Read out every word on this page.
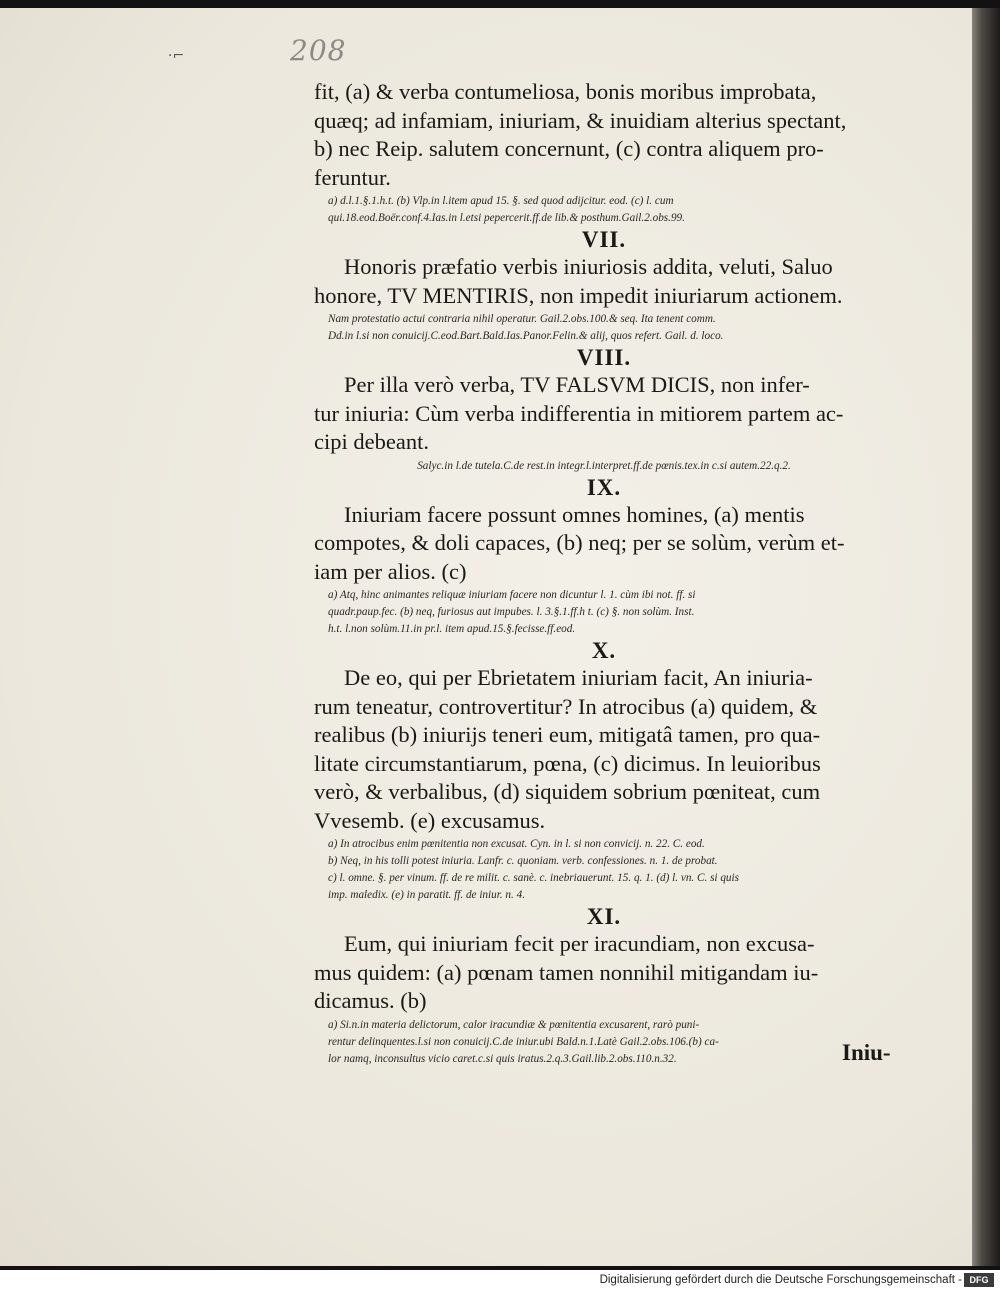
·⌐	208

fit, (a) & verba contumeliosa, bonis moribus improbata,

quæq; ad infamiam, iniuriam, & inuidiam alterius spectant,

b) nec Reip. salutem concernunt, (c) contra aliquem pro-

feruntur.

a) d.l.1.§.1.h.t. (b) Vlp.in l.item apud 15. §. sed quod adijcitur. eod. (c) l. cum

qui.18.eod.Boër.conf.4.Ias.in l.etsi pepercerit.ff.de lib.& posthum.Gail.2.obs.99.

VII.

Honoris præfatio verbis iniuriosis addita, veluti, Saluo

honore, TV MENTIRIS, non impedit iniuriarum actionem.

Nam protestatio actui contraria nihil operatur. Gail.2.obs.100.& seq. Ita tenent comm.

Dd.in l.si non conuicij.C.eod.Bart.Bald.Ias.Panor.Felin.& alij, quos refert. Gail. d. loco.

VIII.

Per illa verò verba, TV FALSVM DICIS, non infer-

tur iniuria: Cùm verba indifferentia in mitiorem partem ac-

cipi debeant.

Salyc.in l.de tutela.C.de rest.in integr.l.interpret.ff.de pœnis.tex.in c.si autem.22.q.2.

IX.

Iniuriam facere possunt omnes homines, (a) mentis

compotes, & doli capaces, (b) neq; per se solùm, verùm et-

iam per alios. (c)

a) Atq, hinc animantes reliquæ iniuriam facere non dicuntur l. 1. cùm ibi not. ff. si

quadr.paup.fec. (b) neq, furiosus aut impubes. l. 3.§.1.ff.h t. (c) §. non solùm. Inst.

h.t. l.non solùm.11.in pr.l. item apud.15.§.fecisse.ff.eod.

X.

De eo, qui per Ebrietatem iniuriam facit, An iniuria-

rum teneatur, controvertitur? In atrocibus (a) quidem, &

realibus (b) iniurijs teneri eum, mitigatâ tamen, pro qua-

litate circumstantiarum, pœna, (c) dicimus. In leuioribus

verò, & verbalibus, (d) siquidem sobrium pœniteat, cum

Vvesemb. (e) excusamus.

a) In atrocibus enim pœnitentia non excusat. Cyn. in l. si non convicij. n. 22. C. eod.

b) Neq, in his tolli potest iniuria. Lanfr. c. quoniam. verb. confessiones. n. 1. de probat.

c) l. omne. §. per vinum. ff. de re milit. c. sanè. c. inebriauerunt. 15. q. 1. (d) l. vn. C. si quis

imp. maledix. (e) in paratit. ff. de iniur. n. 4.

XI.

Eum, qui iniuriam fecit per iracundiam, non excusa-

mus quidem: (a) pœnam tamen nonnihil mitigandam iu-

dicamus. (b)

a) Si.n.in materia delictorum, calor iracundiæ & pœnitentia excusarent, rarò puni-

rentur delinquentes.l.si non conuicij.C.de iniur.ubi Bald.n.1.Latè Gail.2.obs.106.(b) ca-

lor namq, inconsultus vicio caret.c.si quis iratus.2.q.3.Gail.lib.2.obs.110.n.32.	Iniu-
Digitalisierung gefördert durch die Deutsche Forschungsgemeinschaft - DFG
